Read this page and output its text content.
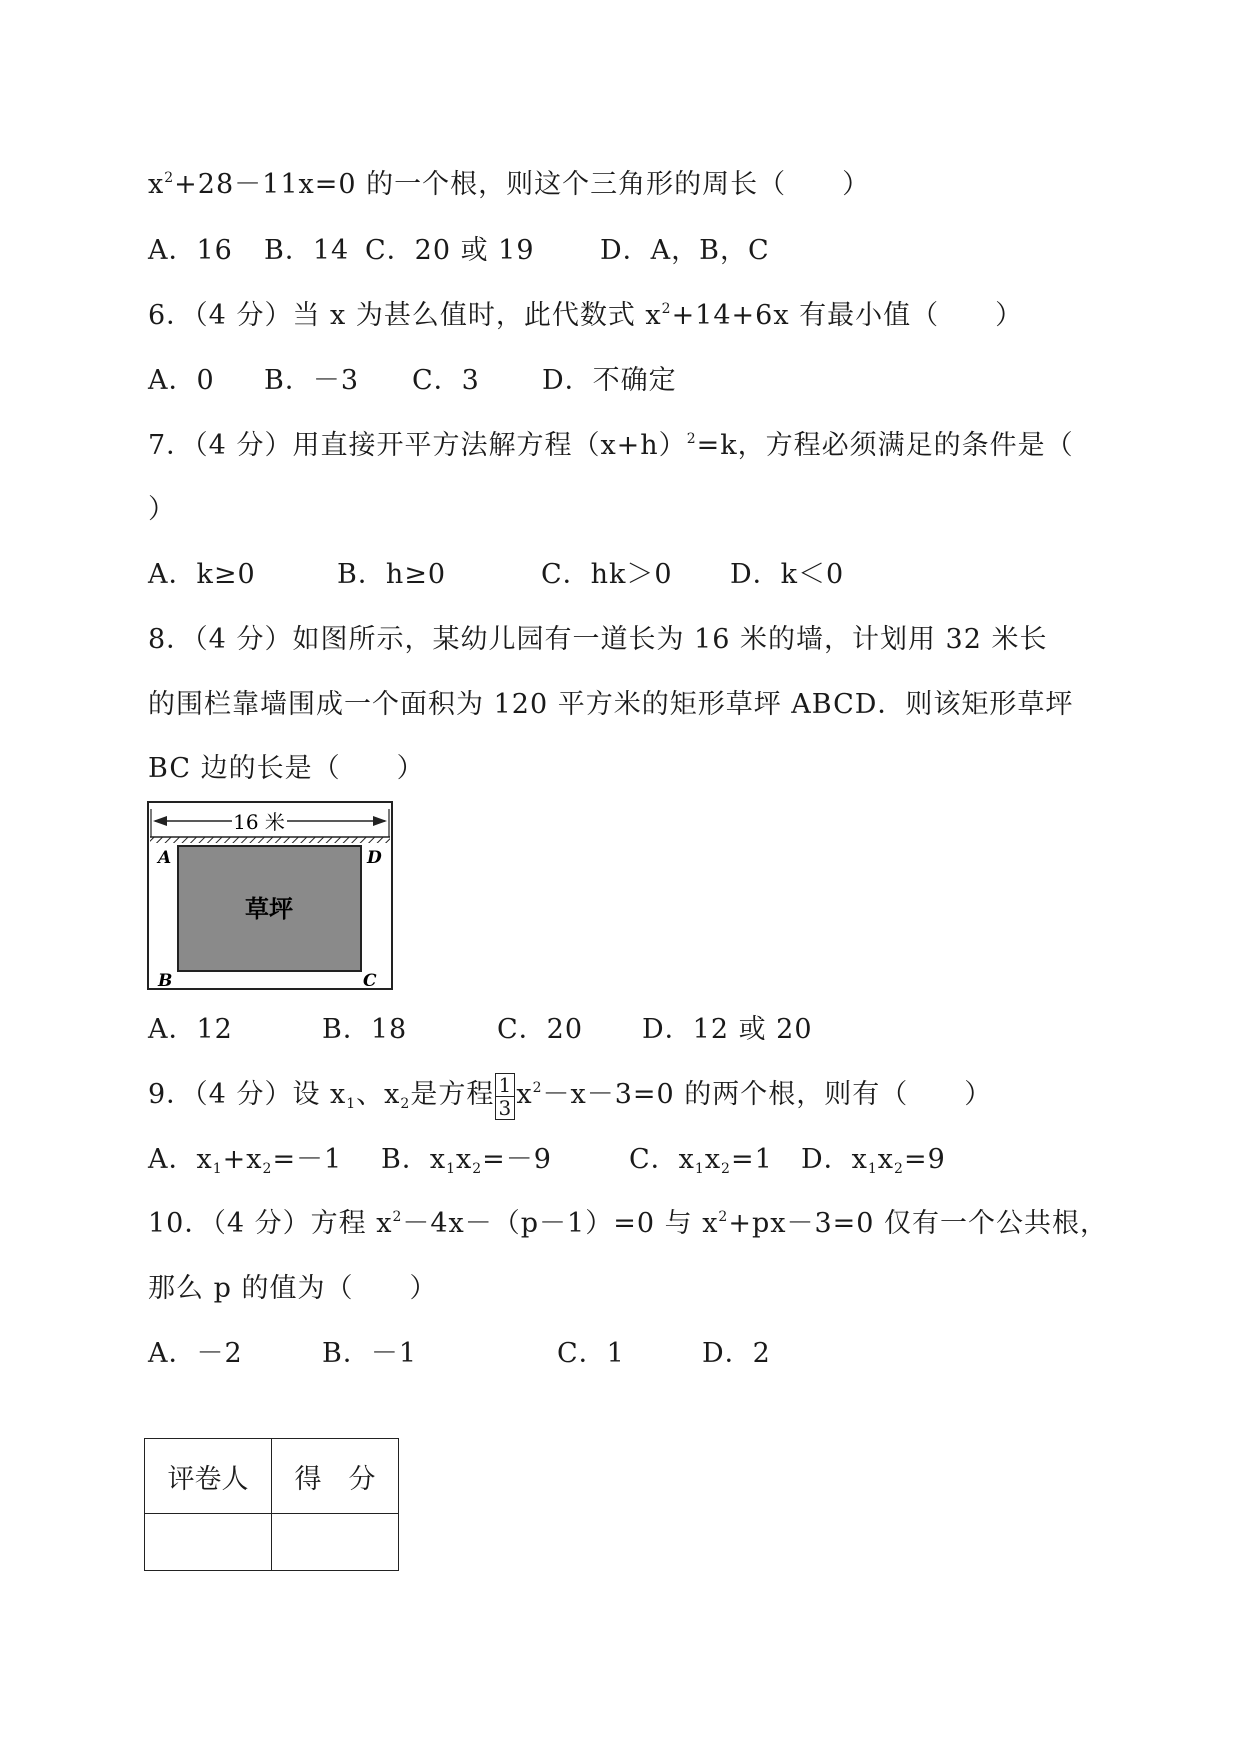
$x^2+28-11x=0$ 的一个根，则这个三角形的周长（　　）
A．16 B．14 C．20 或 19 D．A，B，C
6．（4 分）当 x 为甚么值时，此代数式 $x^2+14+6x$ 有最小值（　　）
A．0 B．－3 C．3 D．不确定
7．（4 分）用直接开平方法解方程$(x+h)^2=k$，方程必须满足的条件是（
）
A．k≥0	B．h≥0	C．hk＞0 D．k＜0
8．（4 分）如图所示，某幼儿园有一道长为 16 米的墙，计划用 32 米长
的围栏靠墙围成一个面积为 120 平方米的矩形草坪 ABCD．则该矩形草坪
BC 边的长是（　　）
16 米
草坪
A	D
B	C
A．12	B．18	C．20 D．12 或 20
9．（4 分）设 $x_1$、$x_2$是方程 $\frac{1}{3} x^2-x-3=0$ 的两个根，则有（　　）
A．$x_1+x_2=-1$ B．$x_1x_2=-9$	C．$x_1x_2=1$ D．$x_1x_2=9$
10．（4 分）方程 $x^2-4x-(p-1)=0$ 与 $x^2+px-3=0$ 仅有一个公共根，
那么 p 的值为（　　）
A．－2	B．－1	C．1	D．2
评卷人	得　分
